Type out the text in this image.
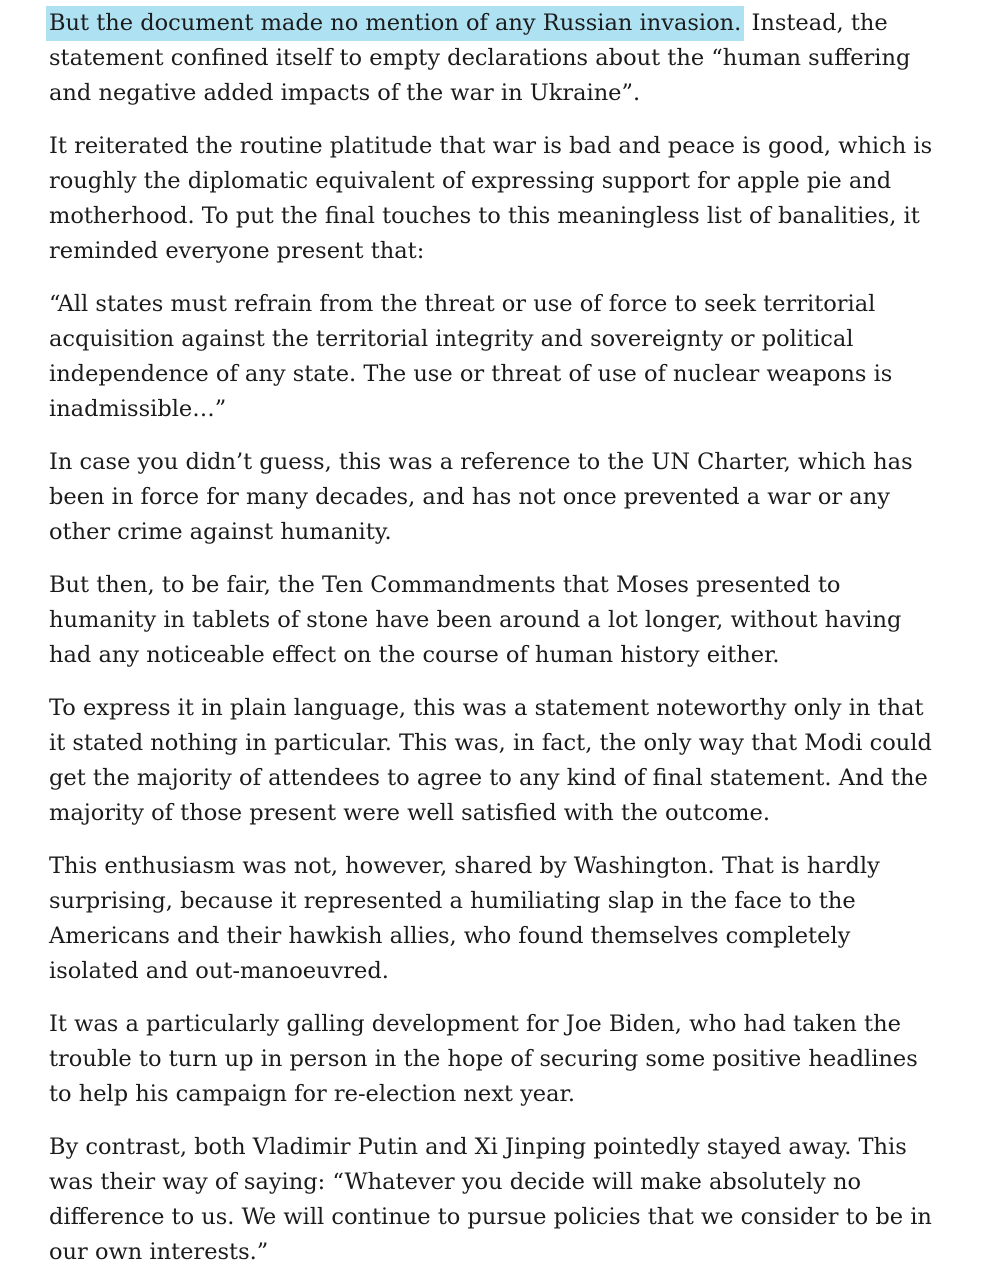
But the document made no mention of any Russian invasion. Instead, the statement confined itself to empty declarations about the “human suffering and negative added impacts of the war in Ukraine”.

It reiterated the routine platitude that war is bad and peace is good, which is roughly the diplomatic equivalent of expressing support for apple pie and motherhood. To put the final touches to this meaningless list of banalities, it reminded everyone present that:

“All states must refrain from the threat or use of force to seek territorial acquisition against the territorial integrity and sovereignty or political independence of any state. The use or threat of use of nuclear weapons is inadmissible…”

In case you didn’t guess, this was a reference to the UN Charter, which has been in force for many decades, and has not once prevented a war or any other crime against humanity.

But then, to be fair, the Ten Commandments that Moses presented to humanity in tablets of stone have been around a lot longer, without having had any noticeable effect on the course of human history either.

To express it in plain language, this was a statement noteworthy only in that it stated nothing in particular. This was, in fact, the only way that Modi could get the majority of attendees to agree to any kind of final statement. And the majority of those present were well satisfied with the outcome.

This enthusiasm was not, however, shared by Washington. That is hardly surprising, because it represented a humiliating slap in the face to the Americans and their hawkish allies, who found themselves completely isolated and out-manoeuvred.

It was a particularly galling development for Joe Biden, who had taken the trouble to turn up in person in the hope of securing some positive headlines to help his campaign for re-election next year.

By contrast, both Vladimir Putin and Xi Jinping pointedly stayed away. This was their way of saying: “Whatever you decide will make absolutely no difference to us. We will continue to pursue policies that we consider to be in our own interests.”
